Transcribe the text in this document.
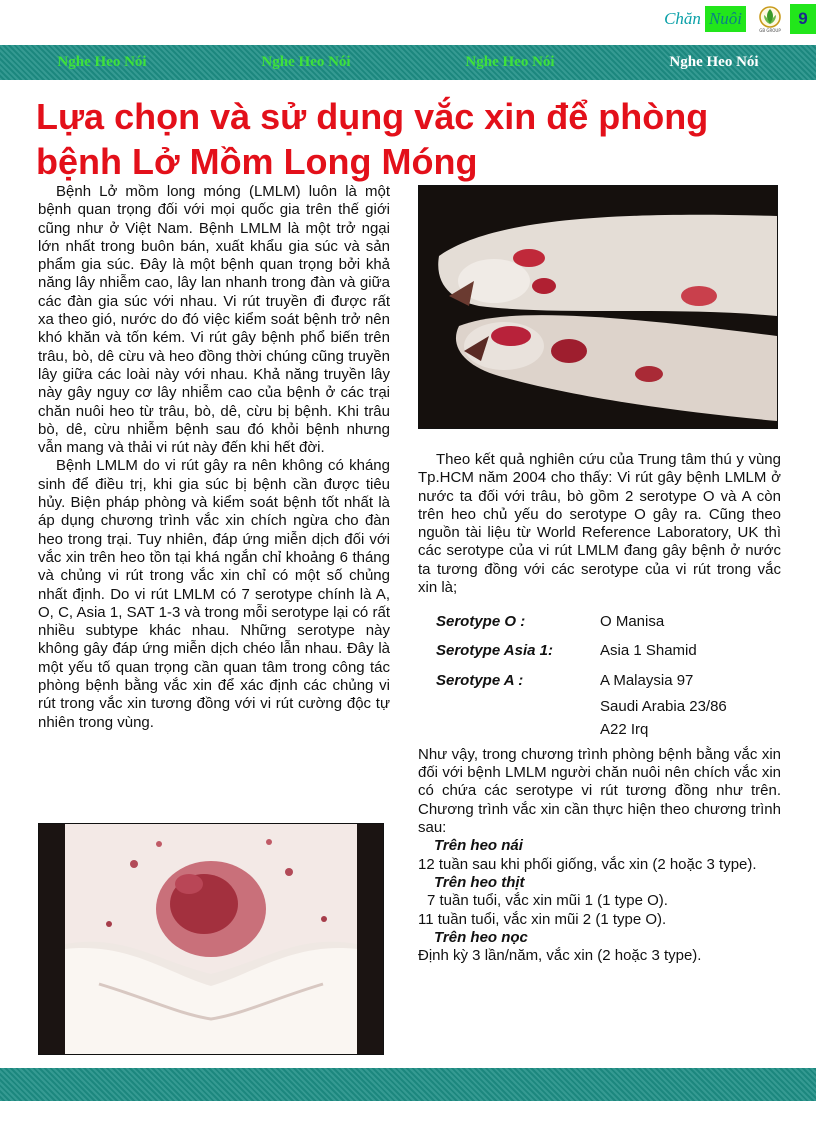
Chăn Nuôi
GB GROUP
9
Nghe Heo Nói	Nghe Heo Nói	Nghe Heo Nói	Nghe Heo Nói
Lựa chọn và sử dụng vắc xin để phòng bệnh Lở Mồm Long Móng

Bệnh Lở mồm long móng (LMLM) luôn là một bệnh quan trọng đối với mọi quốc gia trên thế giới cũng như ở Việt Nam. Bệnh LMLM là một trở ngại lớn nhất trong buôn bán, xuất khẩu gia súc và sản phẩm gia súc. Đây là một bệnh quan trọng bởi khả năng lây nhiễm cao, lây lan nhanh trong đàn và giữa các đàn gia súc với nhau. Vi rút truyền đi được rất xa theo gió, nước do đó việc kiểm soát bệnh trở nên khó khăn và tốn kém. Vi rút gây bệnh phổ biến trên trâu, bò, dê cừu và heo đồng thời chúng cũng truyền lây giữa các loài này với nhau. Khả năng truyền lây này gây nguy cơ lây nhiễm cao của bệnh ở các trại chăn nuôi heo từ trâu, bò, dê, cừu bị bệnh. Khi trâu bò, dê, cừu nhiễm bệnh sau đó khỏi bệnh nhưng vẫn mang và thải vi rút này đến khi hết đời.

Bệnh LMLM do vi rút gây ra nên không có kháng sinh để điều trị, khi gia súc bị bệnh cần được tiêu hủy. Biện pháp phòng và kiểm soát bệnh tốt nhất là áp dụng chương trình vắc xin chích ngừa cho đàn heo trong trại. Tuy nhiên, đáp ứng miễn dịch đối với vắc xin trên heo tồn tại khá ngắn chỉ khoảng 6 tháng và chủng vi rút trong vắc xin chỉ có một số chủng nhất định. Do vi rút LMLM có 7 serotype chính là A, O, C, Asia 1, SAT 1-3 và trong mỗi serotype lại có rất nhiều subtype khác nhau. Những serotype này không gây đáp ứng miễn dịch chéo lẫn nhau. Đây là một yếu tố quan trọng cần quan tâm trong công tác phòng bệnh bằng vắc xin để xác định các chủng vi rút trong vắc xin tương đồng với vi rút cường độc tự nhiên trong vùng.

Theo kết quả nghiên cứu của Trung tâm thú y vùng Tp.HCM năm 2004 cho thấy: Vi rút gây bệnh LMLM ở nước ta đối với trâu, bò gồm 2 serotype O và A còn trên heo chủ yếu do serotype O gây ra. Cũng theo nguồn tài liệu từ World Reference Laboratory, UK thì các serotype của vi rút LMLM đang gây bệnh ở nước ta tương đồng với các serotype của vi rút trong vắc xin là;

Serotype O :	O Manisa
Serotype Asia 1:	Asia 1 Shamid
Serotype A :	A Malaysia 97
	Saudi Arabia 23/86
	A22 Irq

Như vậy, trong chương trình phòng bệnh bằng vắc xin đối với bệnh LMLM người chăn nuôi nên chích vắc xin có chứa các serotype vi rút tương đồng như trên. Chương trình vắc xin cần thực hiện theo chương trình sau:

Trên heo nái
12 tuần sau khi phối giống, vắc xin (2 hoặc 3 type).
Trên heo thịt
7 tuần tuổi, vắc xin mũi 1 (1 type O).
11 tuần tuổi, vắc xin mũi 2 (1 type O).
Trên heo nọc
Định kỳ 3 lần/năm, vắc xin (2 hoặc 3 type).
